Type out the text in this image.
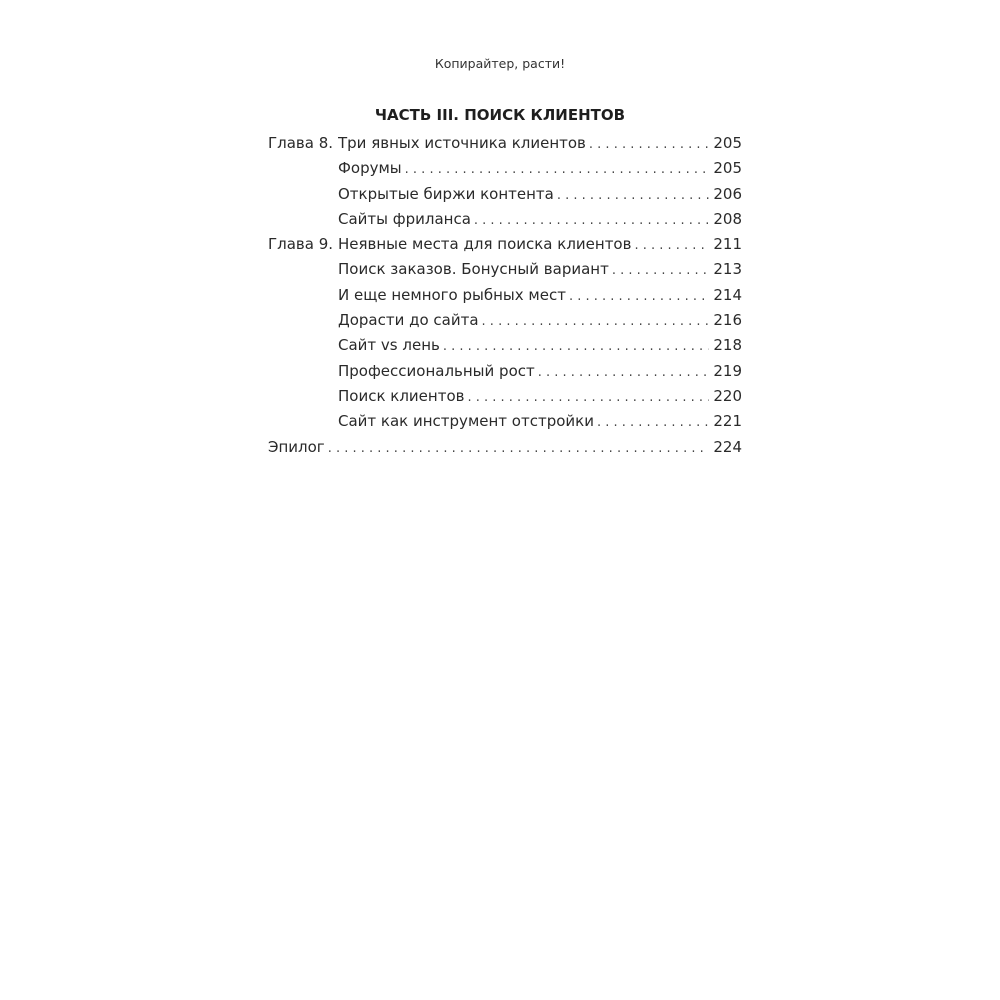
Копирайтер, расти!
ЧАСТЬ III. ПОИСК КЛИЕНТОВ
Глава 8. Три явных источника клиентов . . .	205
Форумы . . .	205
Открытые биржи контента . . .	206
Сайты фриланса . . .	208
Глава 9. Неявные места для поиска клиентов . . .	211
Поиск заказов. Бонусный вариант . . .	213
И еще немного рыбных мест . . .	214
Дорасти до сайта . . .	216
Сайт vs лень . . .	218
Профессиональный рост . . .	219
Поиск клиентов . . .	220
Сайт как инструмент отстройки . . .	221
Эпилог . . .	224
